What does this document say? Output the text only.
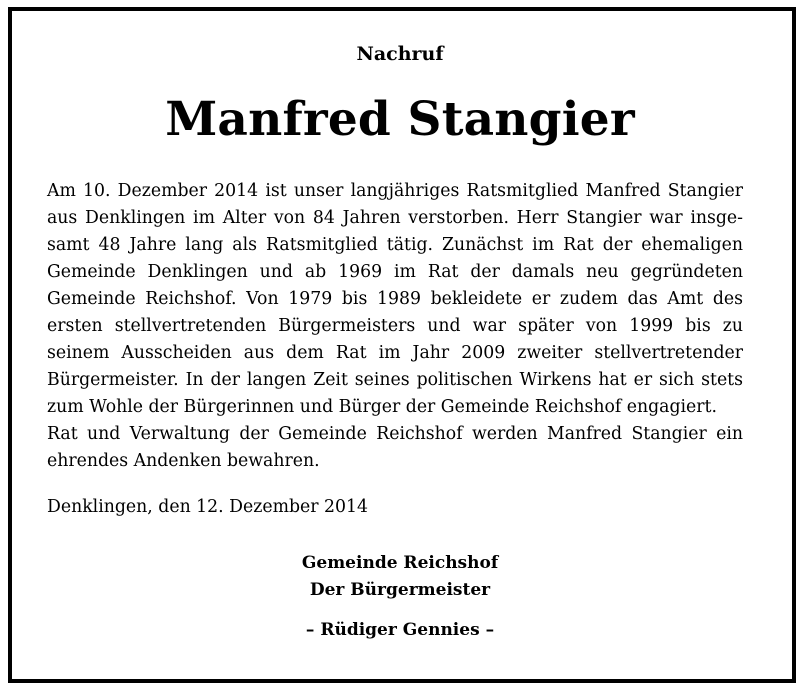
Nachruf
Manfred Stangier
Am 10. Dezember 2014 ist unser langjähriges Ratsmitglied Manfred Stangier
aus Denklingen im Alter von 84 Jahren verstorben. Herr Stangier war insge-
samt 48 Jahre lang als Ratsmitglied tätig. Zunächst im Rat der ehemaligen
Gemeinde Denklingen und ab 1969 im Rat der damals neu gegründeten
Gemeinde Reichshof. Von 1979 bis 1989 bekleidete er zudem das Amt des
ersten stellvertretenden Bürgermeisters und war später von 1999 bis zu
seinem Ausscheiden aus dem Rat im Jahr 2009 zweiter stellvertretender
Bürgermeister. In der langen Zeit seines politischen Wirkens hat er sich stets
zum Wohle der Bürgerinnen und Bürger der Gemeinde Reichshof engagiert.
Rat und Verwaltung der Gemeinde Reichshof werden Manfred Stangier ein
ehrendes Andenken bewahren.
Denklingen, den 12. Dezember 2014
Gemeinde Reichshof
Der Bürgermeister
– Rüdiger Gennies –
